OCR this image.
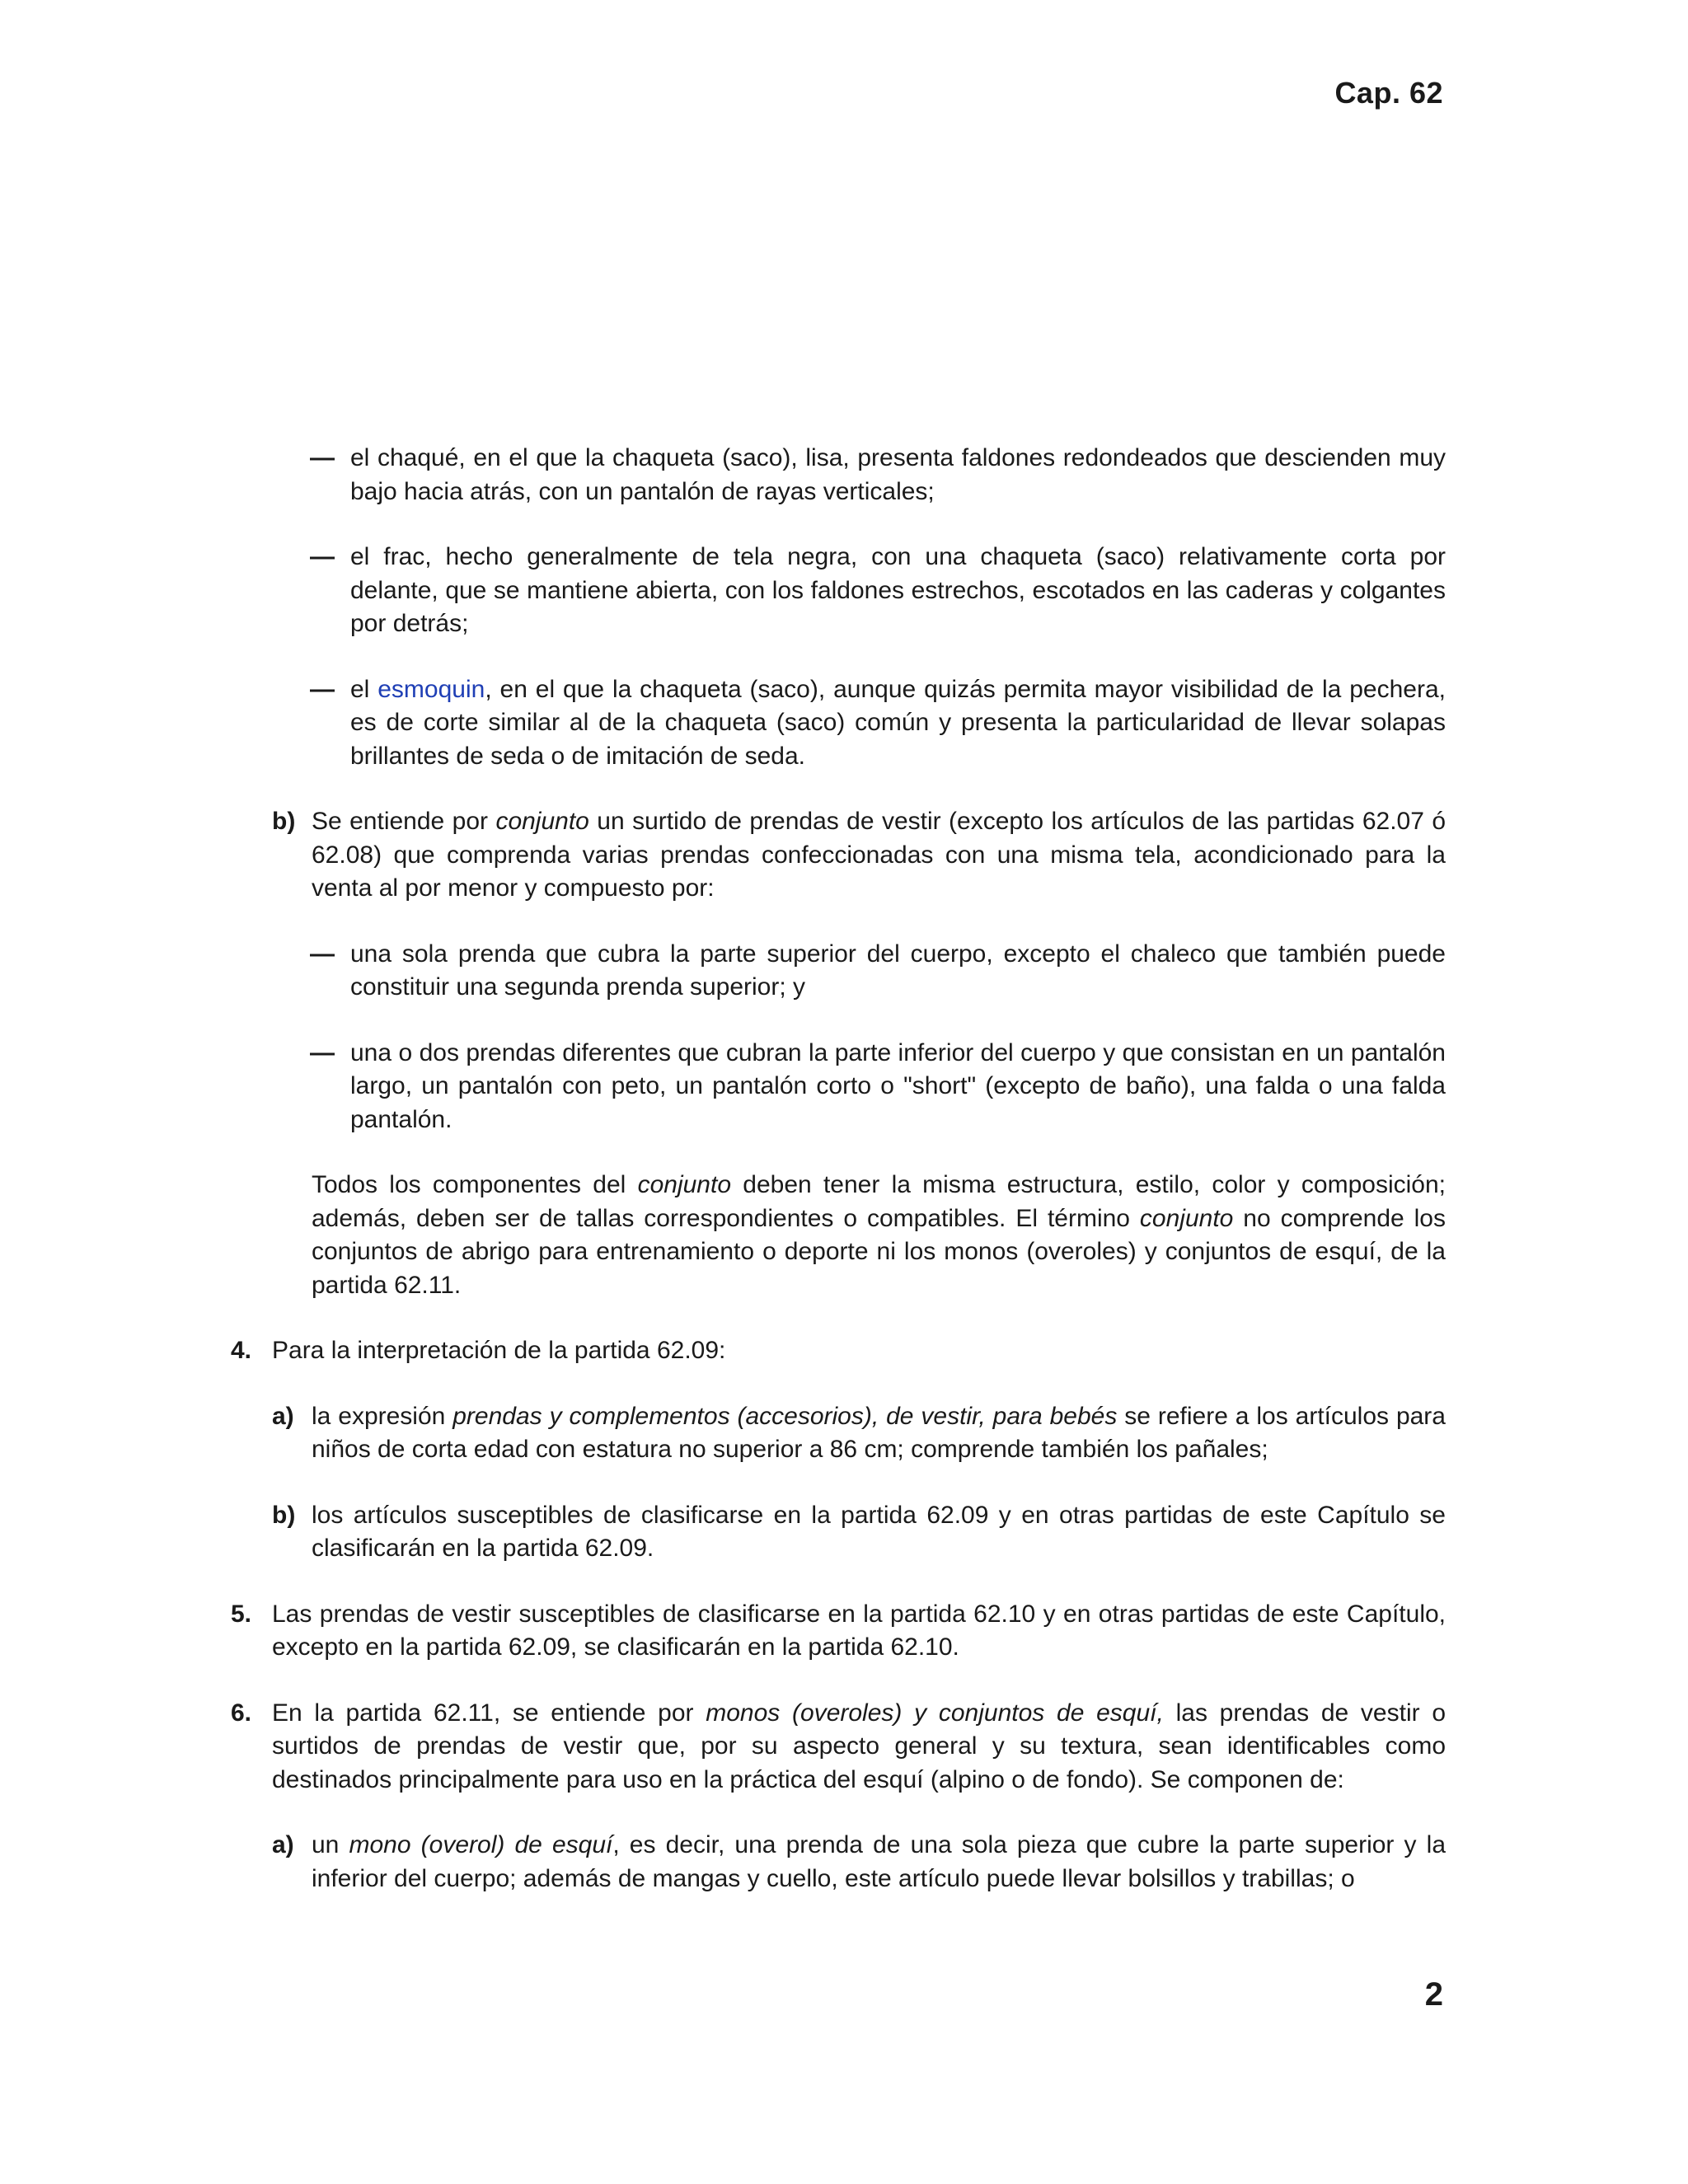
Cap. 62
— el chaqué, en el que la chaqueta (saco), lisa, presenta faldones redondeados que descienden muy bajo hacia atrás, con un pantalón de rayas verticales;
— el frac, hecho generalmente de tela negra, con una chaqueta (saco) relativamente corta por delante, que se mantiene abierta, con los faldones estrechos, escotados en las caderas y colgantes por detrás;
— el esmoquin, en el que la chaqueta (saco), aunque quizás permita mayor visibilidad de la pechera, es de corte similar al de la chaqueta (saco) común y presenta la particularidad de llevar solapas brillantes de seda o de imitación de seda.
b) Se entiende por conjunto un surtido de prendas de vestir (excepto los artículos de las partidas 62.07 ó 62.08) que comprenda varias prendas confeccionadas con una misma tela, acondicionado para la venta al por menor y compuesto por:
— una sola prenda que cubra la parte superior del cuerpo, excepto el chaleco que también puede constituir una segunda prenda superior; y
— una o dos prendas diferentes que cubran la parte inferior del cuerpo y que consistan en un pantalón largo, un pantalón con peto, un pantalón corto o "short" (excepto de baño), una falda o una falda pantalón.
Todos los componentes del conjunto deben tener la misma estructura, estilo, color y composición; además, deben ser de tallas correspondientes o compatibles. El término conjunto no comprende los conjuntos de abrigo para entrenamiento o deporte ni los monos (overoles) y conjuntos de esquí, de la partida 62.11.
4. Para la interpretación de la partida 62.09:
a) la expresión prendas y complementos (accesorios), de vestir, para bebés se refiere a los artículos para niños de corta edad con estatura no superior a 86 cm; comprende también los pañales;
b) los artículos susceptibles de clasificarse en la partida 62.09 y en otras partidas de este Capítulo se clasificarán en la partida 62.09.
5. Las prendas de vestir susceptibles de clasificarse en la partida 62.10 y en otras partidas de este Capítulo, excepto en la partida 62.09, se clasificarán en la partida 62.10.
6. En la partida 62.11, se entiende por monos (overoles) y conjuntos de esquí, las prendas de vestir o surtidos de prendas de vestir que, por su aspecto general y su textura, sean identificables como destinados principalmente para uso en la práctica del esquí (alpino o de fondo). Se componen de:
a) un mono (overol) de esquí, es decir, una prenda de una sola pieza que cubre la parte superior y la inferior del cuerpo; además de mangas y cuello, este artículo puede llevar bolsillos y trabillas; o
2
